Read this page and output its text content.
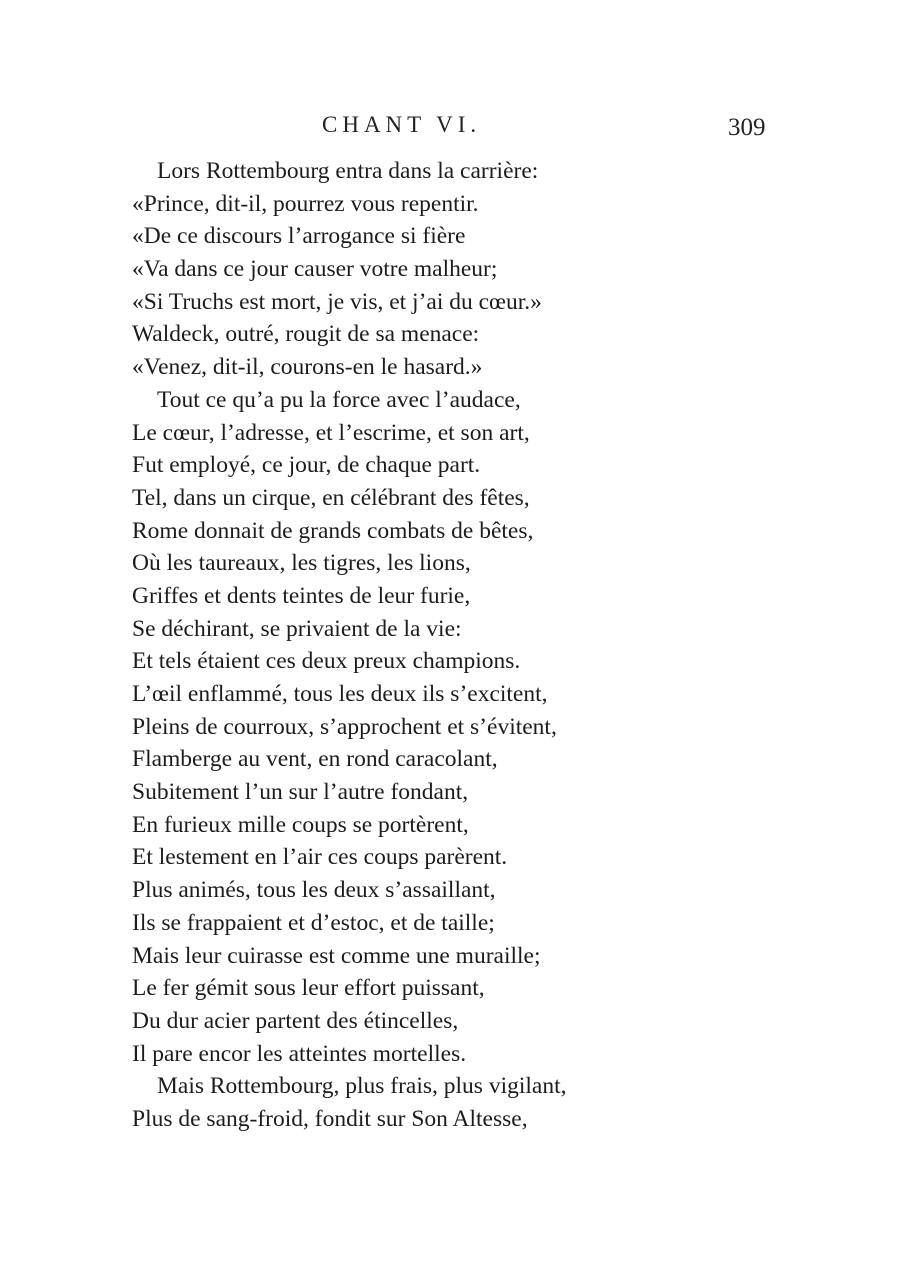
CHANT VI.	309
Lors Rottembourg entra dans la carrière:
«Prince, dit-il, pourrez vous repentir.
«De ce discours l’arrogance si fière
«Va dans ce jour causer votre malheur;
«Si Truchs est mort, je vis, et j’ai du cœur.»
Waldeck, outré, rougit de sa menace:
«Venez, dit-il, courons-en le hasard.»
Tout ce qu’a pu la force avec l’audace,
Le cœur, l’adresse, et l’escrime, et son art,
Fut employé, ce jour, de chaque part.
Tel, dans un cirque, en célébrant des fêtes,
Rome donnait de grands combats de bêtes,
Où les taureaux, les tigres, les lions,
Griffes et dents teintes de leur furie,
Se déchirant, se privaient de la vie:
Et tels étaient ces deux preux champions.
L’œil enflammé, tous les deux ils s’excitent,
Pleins de courroux, s’approchent et s’évitent,
Flamberge au vent, en rond caracolant,
Subitement l’un sur l’autre fondant,
En furieux mille coups se portèrent,
Et lestement en l’air ces coups parèrent.
Plus animés, tous les deux s’assaillant,
Ils se frappaient et d’estoc, et de taille;
Mais leur cuirasse est comme une muraille;
Le fer gémit sous leur effort puissant,
Du dur acier partent des étincelles,
Il pare encor les atteintes mortelles.
Mais Rottembourg, plus frais, plus vigilant,
Plus de sang-froid, fondit sur Son Altesse,
